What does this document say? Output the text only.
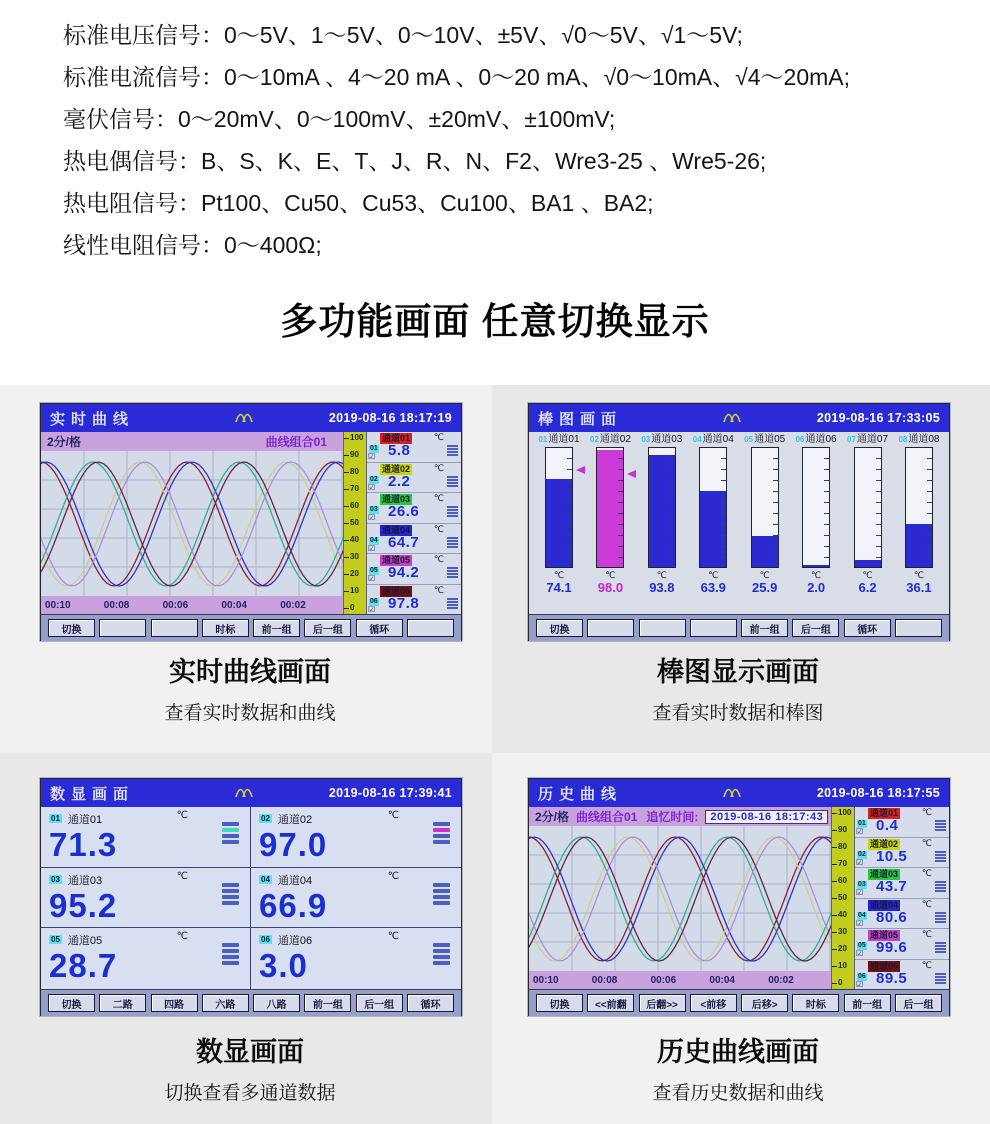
标准电压信号：0～5V、1～5V、0～10V、±5V、√0～5V、√1～5V;
标准电流信号：0～10mA 、4～20 mA 、0～20 mA、√0～10mA、√4～20mA;
毫伏信号：0～20mV、0～100mV、±20mV、±100mV;
热电偶信号：B、S、K、E、T、J、R、N、F2、Wre3-25 、Wre5-26;
热电阻信号：Pt100、Cu50、Cu53、Cu100、BA1 、BA2;
线性电阻信号：0～400Ω;
多功能画面 任意切换显示
实时曲线	2019-08-16 18:17:19
2分/格	曲线组合01
00:10	00:08	00:06	00:04	00:02
100
90
80
70
60
50
40
30
20
10
0
通道01	℃
01
☑ 5.8
通道02	℃
02
☑ 2.2
通道03	℃
03
☑ 26.6
通道04	℃
04
☑ 64.7
通道05	℃
05
☑ 94.2
通道06	℃
06
☑ 97.8
切换	时标	前一组	后一组	循环
实时曲线画面
查看实时数据和曲线
棒图画面	2019-08-16 17:33:05
01通道01
℃
74.1
02通道02
℃
98.0
03通道03
℃
93.8
04通道04
℃
63.9
05通道05
℃
25.9
06通道06
℃
2.0
07通道07
℃
6.2
08通道08
℃
36.1
切换	前一组	后一组	循环
棒图显示画面
查看实时数据和棒图
数显画面	2019-08-16 17:39:41
01 通道01	℃
71.3
02 通道02	℃
97.0
03 通道03	℃
95.2
04 通道04	℃
66.9
05 通道05	℃
28.7
06 通道06	℃
3.0
切换	二路	四路	六路	八路	前一组	后一组	循环
数显画面
切换查看多通道数据
历史曲线	2019-08-16 18:17:55
2分/格 曲线组合01 追忆时间:	2019-08-16 18:17:43
00:10	00:08	00:06	00:04	00:02
100
90
80
70
60
50
40
30
20
10
0
通道01	℃
01
☑ 0.4
通道02	℃
02
☑ 10.5
通道03	℃
03
☑ 43.7
通道04	℃
04
☑ 80.6
通道05	℃
05
☑ 99.6
通道06	℃
06
☑ 89.5
切换	<<前翻	后翻>>	<前移	后移>	时标	前一组	后一组
历史曲线画面
查看历史数据和曲线
